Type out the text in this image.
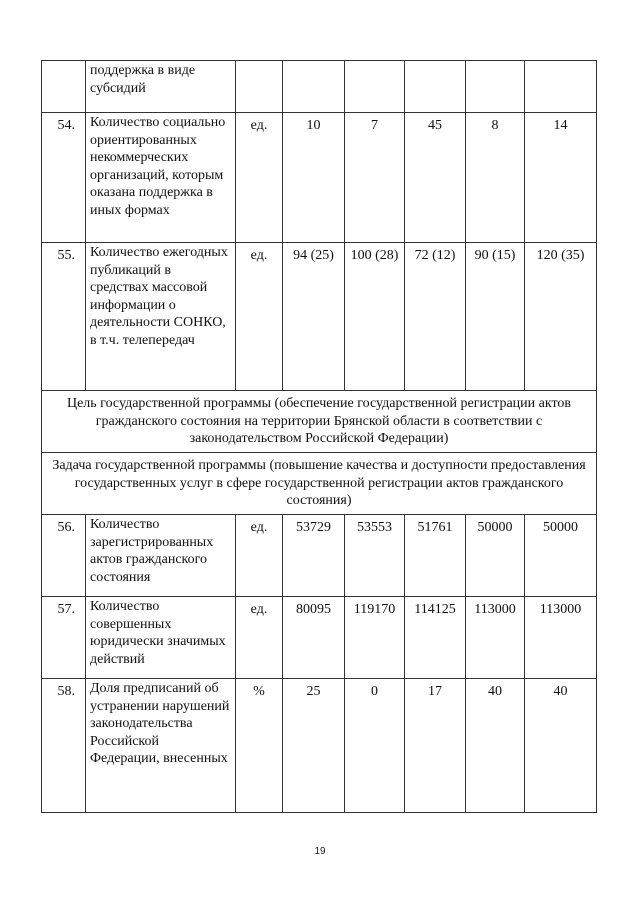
	поддержка в виде субсидий						
54.	Количество социально ориентированных некоммерческих организаций, которым оказана поддержка в иных формах	ед.	10	7	45	8	14
55.	Количество ежегодных публикаций в средствах массовой информации о деятельности СОНКО, в т.ч. телепередач	ед.	94 (25)	100 (28)	72 (12)	90 (15)	120 (35)
Цель государственной программы (обеспечение государственной регистрации актов гражданского состояния на территории Брянской области в соответствии с законодательством Российской Федерации)							
Задача государственной программы (повышение качества и доступности предоставления государственных услуг в сфере государственной регистрации актов гражданского состояния)							
56.	Количество зарегистрированных актов гражданского состояния	ед.	53729	53553	51761	50000	50000
57.	Количество совершенных юридически значимых действий	ед.	80095	119170	114125	113000	113000
58.	Доля предписаний об устранении нарушений законодательства Российской Федерации, внесенных	%	25	0	17	40	40
19
